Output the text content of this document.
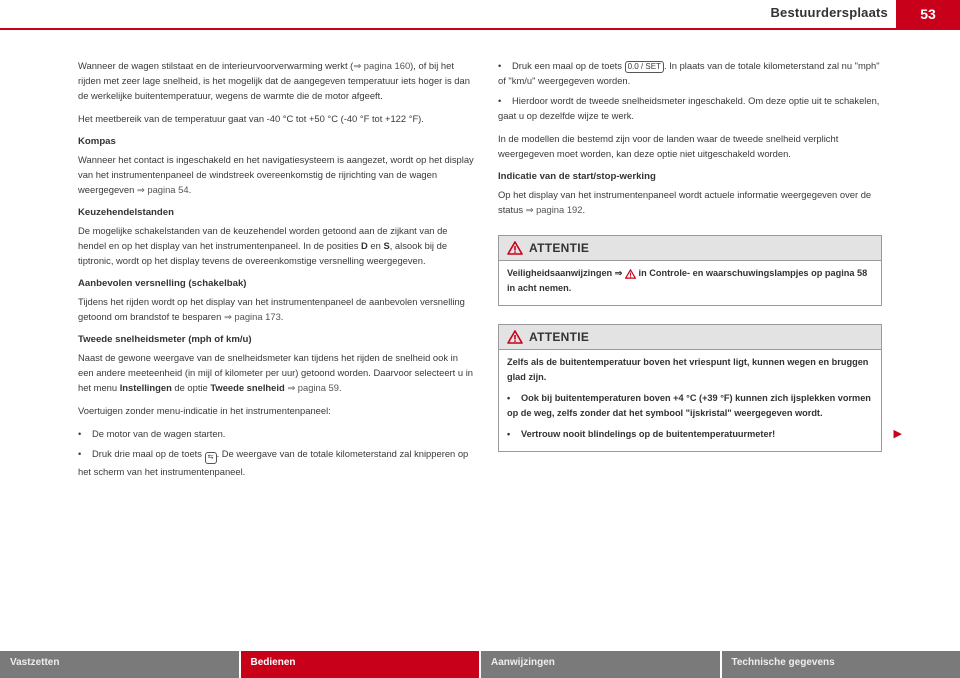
Bestuurdersplaats	53

Wanneer de wagen stilstaat en de interieurvoorverwarming werkt (⇒ pagina 160), of bij het rijden met zeer lage snelheid, is het mogelijk dat de aangegeven temperatuur iets hoger is dan de werkelijke buitentemperatuur, wegens de warmte die de motor afgeeft.

Het meetbereik van de temperatuur gaat van -40 °C tot +50 °C (-40 °F tot +122 °F).

Kompas

Wanneer het contact is ingeschakeld en het navigatiesysteem is aangezet, wordt op het display van het instrumentenpaneel de windstreek overeenkomstig de rijrichting van de wagen weergegeven ⇒ pagina 54.

Keuzehendelstanden

De mogelijke schakelstanden van de keuzehendel worden getoond aan de zijkant van de hendel en op het display van het instrumentenpaneel. In de posities D en S, alsook bij de tiptronic, wordt op het display tevens de overeenkomstige versnelling weergegeven.

Aanbevolen versnelling (schakelbak)

Tijdens het rijden wordt op het display van het instrumentenpaneel de aanbevolen versnelling getoond om brandstof te besparen ⇒ pagina 173.

Tweede snelheidsmeter (mph of km/u)

Naast de gewone weergave van de snelheidsmeter kan tijdens het rijden de snelheid ook in een andere meeteenheid (in mijl of kilometer per uur) getoond worden. Daarvoor selecteert u in het menu Instellingen de optie Tweede snelheid ⇒ pagina 59.

Voertuigen zonder menu-indicatie in het instrumentenpaneel:

• De motor van de wagen starten.
• Druk drie maal op de toets ⇆ . De weergave van de totale kilometerstand zal knipperen op het scherm van het instrumentenpaneel.
• Druk een maal op de toets 0.0 / SET . In plaats van de totale kilometerstand zal nu "mph" of "km/u" weergegeven worden.
• Hierdoor wordt de tweede snelheidsmeter ingeschakeld. Om deze optie uit te schakelen, gaat u op dezelfde wijze te werk.

In de modellen die bestemd zijn voor de landen waar de tweede snelheid verplicht weergegeven moet worden, kan deze optie niet uitgeschakeld worden.

Indicatie van de start/stop-werking

Op het display van het instrumentenpaneel wordt actuele informatie weergegeven over de status ⇒ pagina 192.

ATTENTIE

Veiligheidsaanwijzingen ⇒  in Controle- en waarschuwingslampjes op pagina 58 in acht nemen.

ATTENTIE

Zelfs als de buitentemperatuur boven het vriespunt ligt, kunnen wegen en bruggen glad zijn.

• Ook bij buitentemperaturen boven +4 °C (+39 °F) kunnen zich ijsplekken vormen op de weg, zelfs zonder dat het symbool "ijskristal" weergegeven wordt.

• Vertrouw nooit blindelings op de buitentemperatuurmeter!	▶
Vastzetten	Bedienen	Aanwijzingen	Technische gegevens
